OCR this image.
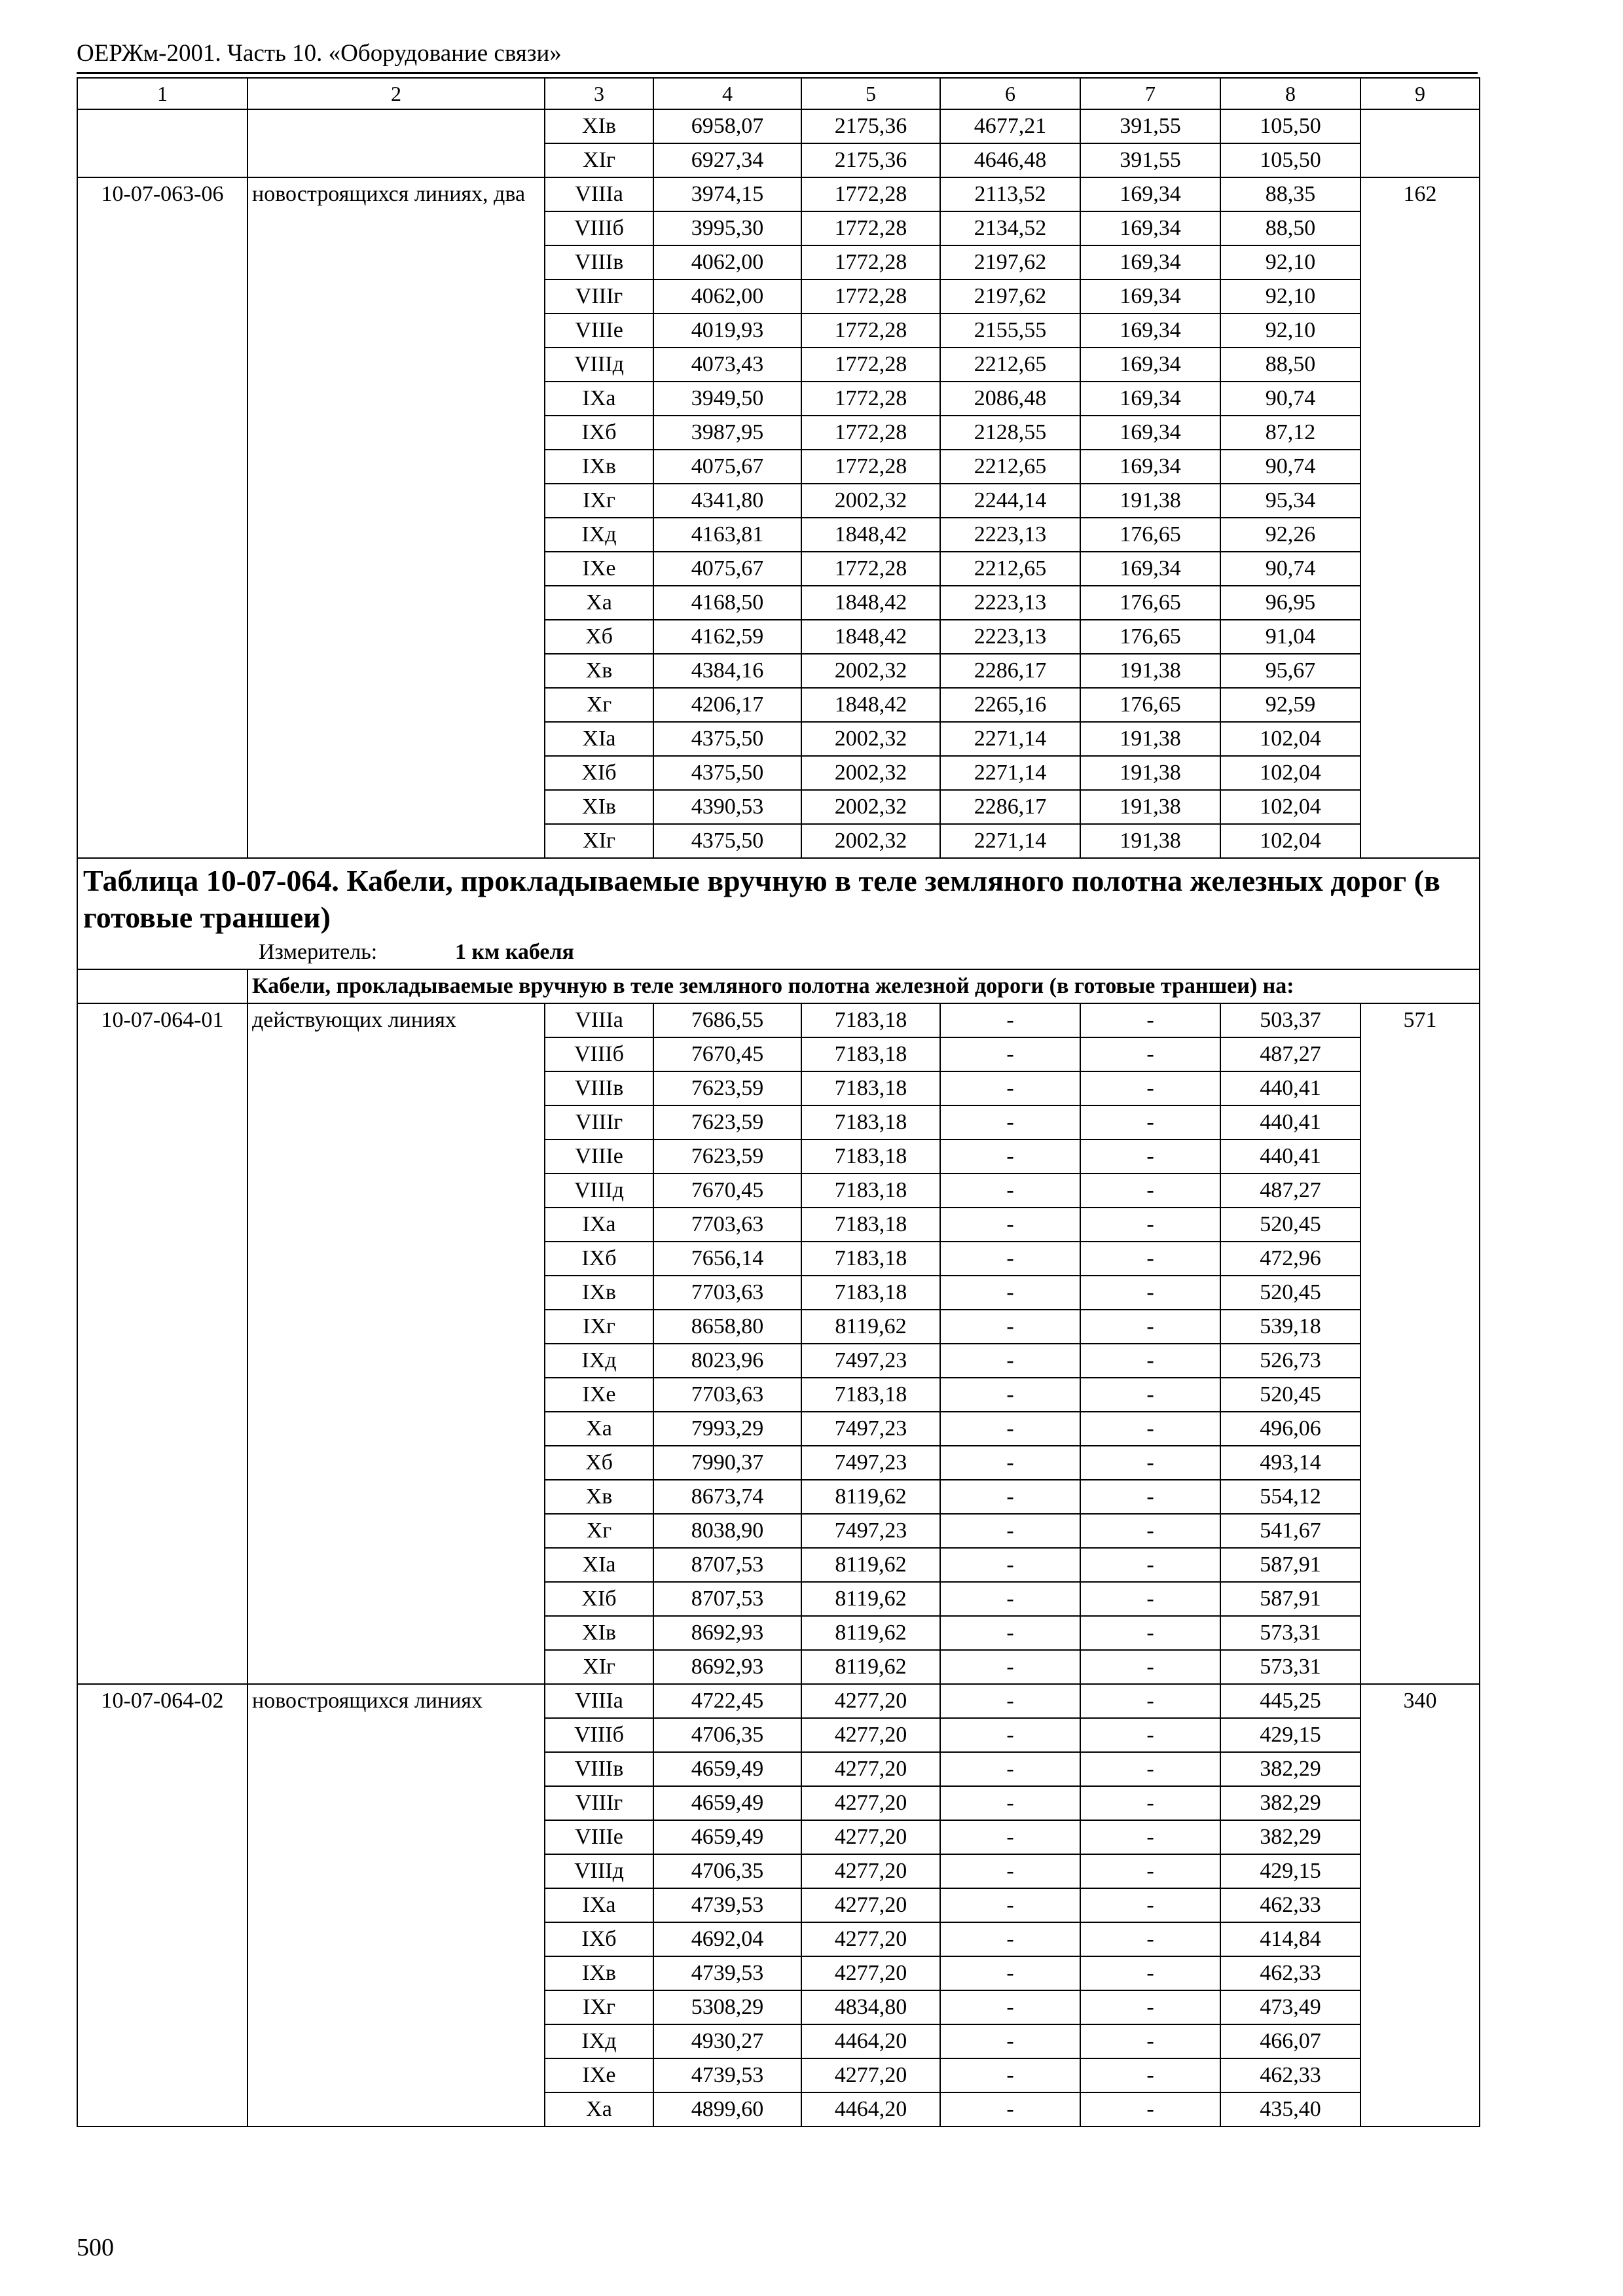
ОЕРЖм-2001. Часть 10. «Оборудование связи»
1	2	3	4	5	6	7	8	9
		XIв	6958,07	2175,36	4677,21	391,55	105,50	
		XIг	6927,34	2175,36	4646,48	391,55	105,50	
10-07-063-06	новостроящихся линиях, два	VIIIа	3974,15	1772,28	2113,52	169,34	88,35	162
		VIIIб	3995,30	1772,28	2134,52	169,34	88,50	
		VIIIв	4062,00	1772,28	2197,62	169,34	92,10	
		VIIIг	4062,00	1772,28	2197,62	169,34	92,10	
		VIIIе	4019,93	1772,28	2155,55	169,34	92,10	
		VIIIд	4073,43	1772,28	2212,65	169,34	88,50	
		IXа	3949,50	1772,28	2086,48	169,34	90,74	
		IXб	3987,95	1772,28	2128,55	169,34	87,12	
		IXв	4075,67	1772,28	2212,65	169,34	90,74	
		IXг	4341,80	2002,32	2244,14	191,38	95,34	
		IXд	4163,81	1848,42	2223,13	176,65	92,26	
		IXе	4075,67	1772,28	2212,65	169,34	90,74	
		Xа	4168,50	1848,42	2223,13	176,65	96,95	
		Xб	4162,59	1848,42	2223,13	176,65	91,04	
		Xв	4384,16	2002,32	2286,17	191,38	95,67	
		Xг	4206,17	1848,42	2265,16	176,65	92,59	
		XIа	4375,50	2002,32	2271,14	191,38	102,04	
		XIб	4375,50	2002,32	2271,14	191,38	102,04	
		XIв	4390,53	2002,32	2286,17	191,38	102,04	
		XIг	4375,50	2002,32	2271,14	191,38	102,04	

Таблица 10-07-064. Кабели, прокладываемые вручную в теле земляного полотна железных дорог (в готовые траншеи)
Измеритель: 1 км кабеля								

	Кабели, прокладываемые вручную в теле земляного полотна железной дороги (в готовые траншеи) на:							
10-07-064-01	действующих линиях	VIIIа	7686,55	7183,18	-	-	503,37	571
		VIIIб	7670,45	7183,18	-	-	487,27	
		VIIIв	7623,59	7183,18	-	-	440,41	
		VIIIг	7623,59	7183,18	-	-	440,41	
		VIIIе	7623,59	7183,18	-	-	440,41	
		VIIIд	7670,45	7183,18	-	-	487,27	
		IXа	7703,63	7183,18	-	-	520,45	
		IXб	7656,14	7183,18	-	-	472,96	
		IXв	7703,63	7183,18	-	-	520,45	
		IXг	8658,80	8119,62	-	-	539,18	
		IXд	8023,96	7497,23	-	-	526,73	
		IXе	7703,63	7183,18	-	-	520,45	
		Xа	7993,29	7497,23	-	-	496,06	
		Xб	7990,37	7497,23	-	-	493,14	
		Xв	8673,74	8119,62	-	-	554,12	
		Xг	8038,90	7497,23	-	-	541,67	
		XIа	8707,53	8119,62	-	-	587,91	
		XIб	8707,53	8119,62	-	-	587,91	
		XIв	8692,93	8119,62	-	-	573,31	
		XIг	8692,93	8119,62	-	-	573,31	
10-07-064-02	новостроящихся линиях	VIIIа	4722,45	4277,20	-	-	445,25	340
		VIIIб	4706,35	4277,20	-	-	429,15	
		VIIIв	4659,49	4277,20	-	-	382,29	
		VIIIг	4659,49	4277,20	-	-	382,29	
		VIIIе	4659,49	4277,20	-	-	382,29	
		VIIIд	4706,35	4277,20	-	-	429,15	
		IXа	4739,53	4277,20	-	-	462,33	
		IXб	4692,04	4277,20	-	-	414,84	
		IXв	4739,53	4277,20	-	-	462,33	
		IXг	5308,29	4834,80	-	-	473,49	
		IXд	4930,27	4464,20	-	-	466,07	
		IXе	4739,53	4277,20	-	-	462,33	
		Xа	4899,60	4464,20	-	-	435,40	
500
